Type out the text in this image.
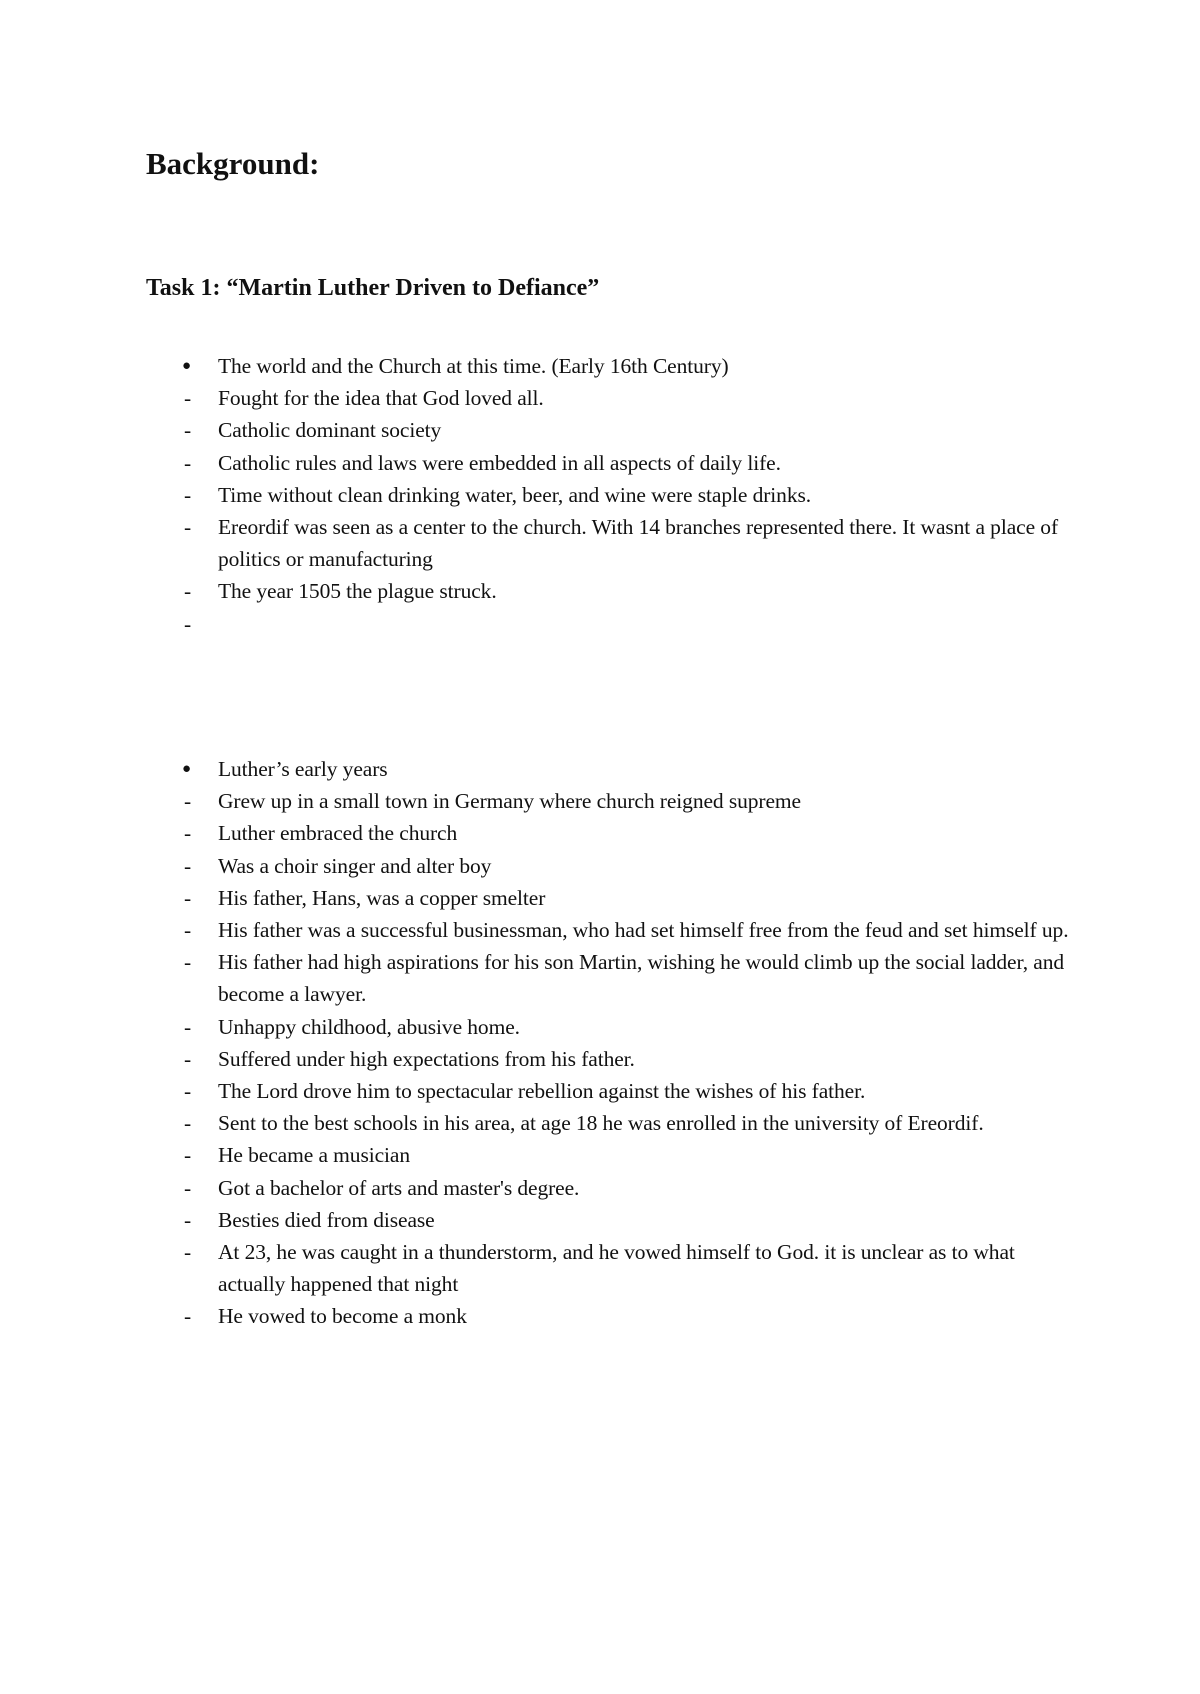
Background:
Task 1: “Martin Luther Driven to Defiance”
●	The world and the Church at this time. (Early 16th Century)
-	Fought for the idea that God loved all.
-	Catholic dominant society
-	Catholic rules and laws were embedded in all aspects of daily life.
-	Time without clean drinking water, beer, and wine were staple drinks.
-	Ereordif was seen as a center to the church. With 14 branches represented there. It wasnt a place of politics or manufacturing
-	The year 1505 the plague struck.
-
●	Luther’s early years
-	Grew up in a small town in Germany where church reigned supreme
-	Luther embraced the church
-	Was a choir singer and alter boy
-	His father, Hans, was a copper smelter
-	His father was a successful businessman, who had set himself free from the feud and set himself up.
-	His father had high aspirations for his son Martin, wishing he would climb up the social ladder, and become a lawyer.
-	Unhappy childhood, abusive home.
-	Suffered under high expectations from his father.
-	The Lord drove him to spectacular rebellion against the wishes of his father.
-	Sent to the best schools in his area, at age 18 he was enrolled in the university of Ereordif.
-	He became a musician
-	Got a bachelor of arts and master's degree.
-	Besties died from disease
-	At 23, he was caught in a thunderstorm, and he vowed himself to God. it is unclear as to what actually happened that night
-	He vowed to become a monk
